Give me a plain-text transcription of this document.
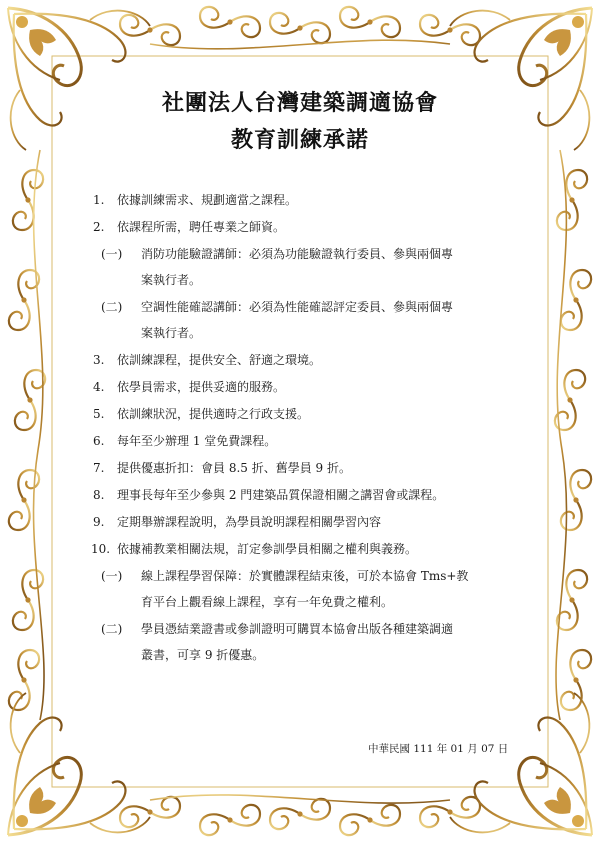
社團法人台灣建築調適協會
教育訓練承諾
1. 依據訓練需求、規劃適當之課程。
2. 依課程所需，聘任專業之師資。
(一) 消防功能驗證講師：必須為功能驗證執行委員、參與兩個專
案執行者。
(二) 空調性能確認講師：必須為性能確認評定委員、參與兩個專
案執行者。
3. 依訓練課程，提供安全、舒適之環境。
4. 依學員需求，提供妥適的服務。
5. 依訓練狀況，提供適時之行政支援。
6. 每年至少辦理 1 堂免費課程。
7. 提供優惠折扣：會員 8.5 折、舊學員 9 折。
8. 理事長每年至少參與 2 門建築品質保證相關之講習會或課程。
9. 定期舉辦課程說明，為學員說明課程相關學習內容
10. 依據補教業相關法規，訂定參訓學員相關之權利與義務。
(一) 線上課程學習保障：於實體課程結束後，可於本協會 Tms+教
育平台上觀看線上課程，享有一年免費之權利。
(二) 學員憑結業證書或參訓證明可購買本協會出版各種建築調適
叢書，可享 9 折優惠。
中華民國 111 年 01 月 07 日
